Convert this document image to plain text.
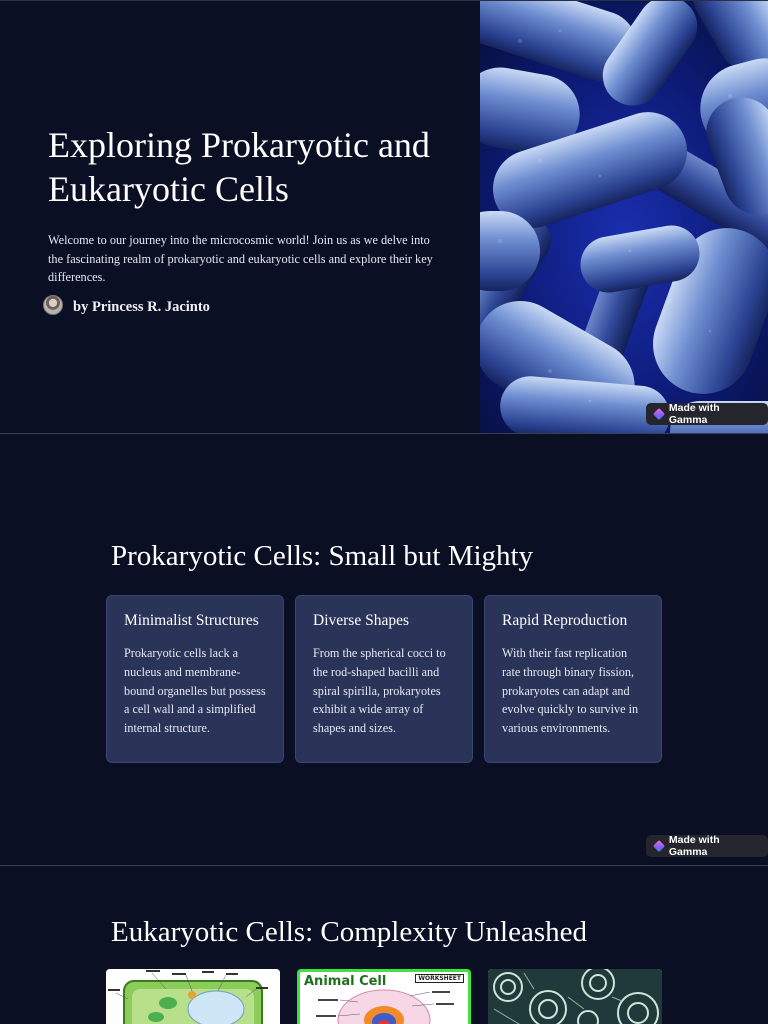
Exploring Prokaryotic and Eukaryotic Cells

Welcome to our journey into the microcosmic world! Join us as we delve into the fascinating realm of prokaryotic and eukaryotic cells and explore their key differences.

by Princess R. Jacinto
Made with Gamma
Prokaryotic Cells: Small but Mighty
Minimalist Structures
Prokaryotic cells lack a nucleus and membrane-bound organelles but possess a cell wall and a simplified internal structure.
Diverse Shapes
From the spherical cocci to the rod-shaped bacilli and spiral spirilla, prokaryotes exhibit a wide array of shapes and sizes.
Rapid Reproduction
With their fast replication rate through binary fission, prokaryotes can adapt and evolve quickly to survive in various environments.
Made with Gamma
Eukaryotic Cells: Complexity Unleashed
Animal Cell	WORKSHEET
